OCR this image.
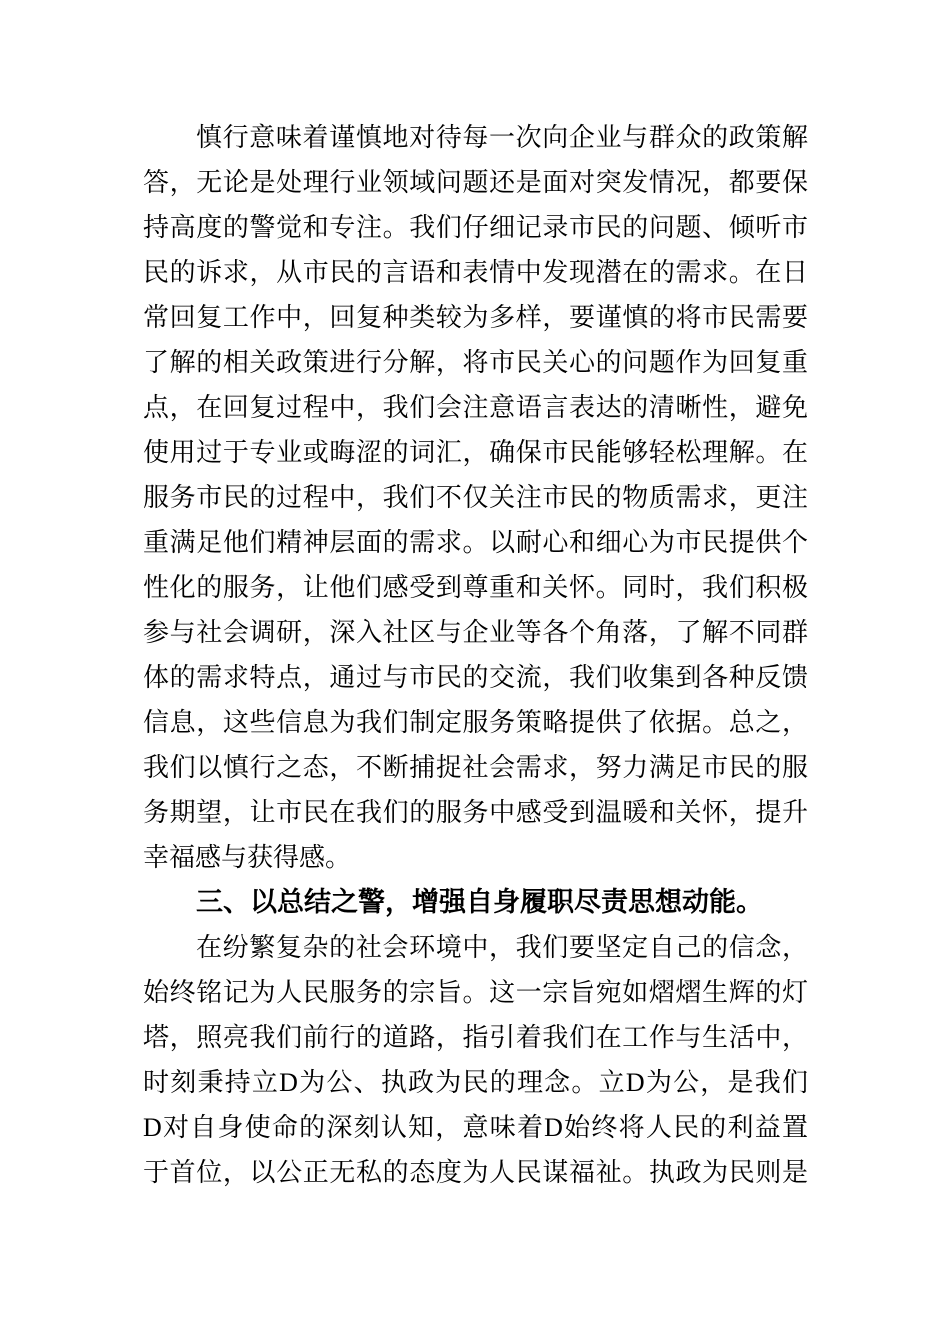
慎行意味着谨慎地对待每一次向企业与群众的政策解
答，无论是处理行业领域问题还是面对突发情况，都要保
持高度的警觉和专注。我们仔细记录市民的问题、倾听市
民的诉求，从市民的言语和表情中发现潜在的需求。在日
常回复工作中，回复种类较为多样，要谨慎的将市民需要
了解的相关政策进行分解，将市民关心的问题作为回复重
点，在回复过程中，我们会注意语言表达的清晰性，避免
使用过于专业或晦涩的词汇，确保市民能够轻松理解。在
服务市民的过程中，我们不仅关注市民的物质需求，更注
重满足他们精神层面的需求。以耐心和细心为市民提供个
性化的服务，让他们感受到尊重和关怀。同时，我们积极
参与社会调研，深入社区与企业等各个角落，了解不同群
体的需求特点，通过与市民的交流，我们收集到各种反馈
信息，这些信息为我们制定服务策略提供了依据。总之，
我们以慎行之态，不断捕捉社会需求，努力满足市民的服
务期望，让市民在我们的服务中感受到温暖和关怀，提升
幸福感与获得感。
三、以总结之警，增强自身履职尽责思想动能。
在纷繁复杂的社会环境中，我们要坚定自己的信念，
始终铭记为人民服务的宗旨。这一宗旨宛如熠熠生辉的灯
塔，照亮我们前行的道路，指引着我们在工作与生活中，
时刻秉持立D为公、执政为民的理念。立D为公，是我们
D对自身使命的深刻认知，意味着D始终将人民的利益置
于首位，以公正无私的态度为人民谋福祉。执政为民则是
